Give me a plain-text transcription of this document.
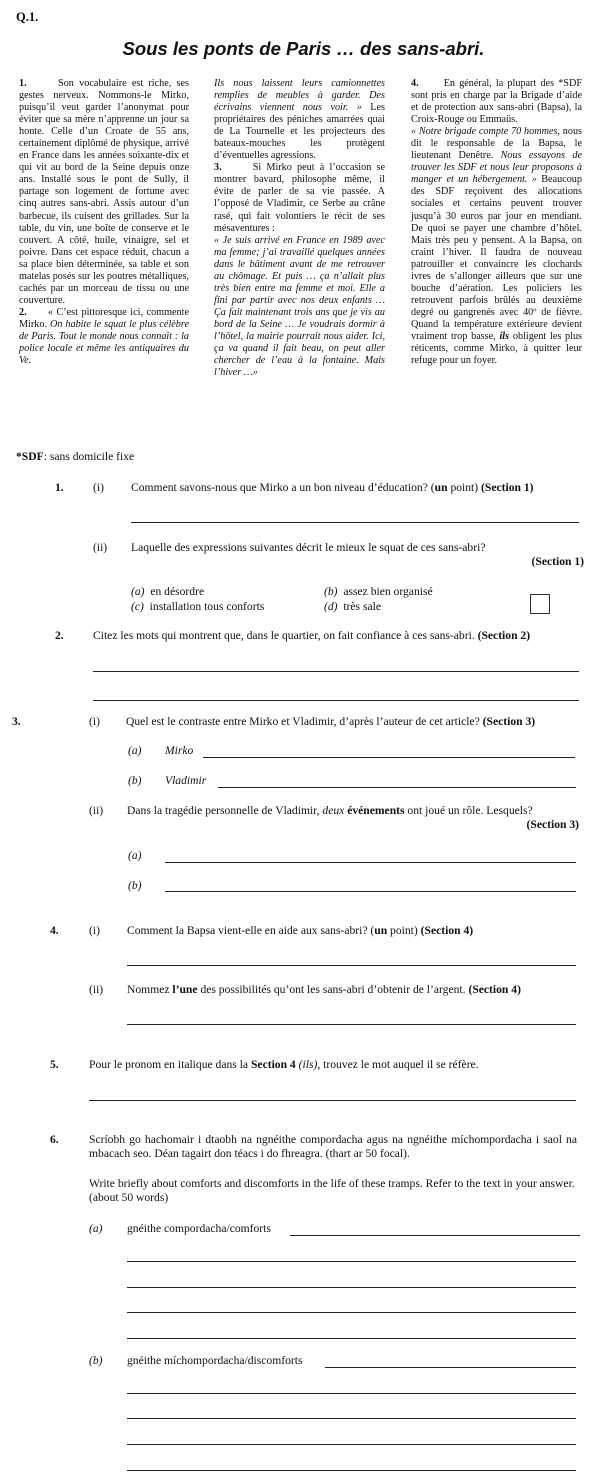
Q.1.
Sous les ponts de Paris … des sans-abri.

1.	Son vocabulaire est riche, ses gestes nerveux. Nommons-le Mirko, puisqu’il veut garder l’anonymat pour éviter que sa mère n’apprenne un jour sa honte. Celle d’un Croate de 55 ans, certainement diplômé de physique, arrivé en France dans les années soixante-dix et qui vit au bord de la Seine depuis onze ans. Installé sous le pont de Sully, il partage son logement de fortune avec cinq autres sans-abri. Assis autour d’un barbecue, ils cuisent des grillades. Sur la table, du vin, une boîte de conserve et le couvert. A côté, huile, vinaigre, sel et poivre. Dans cet espace réduit, chacun a sa place bien déterminée, sa table et son matelas posés sur les poutres métalliques, cachés par un morceau de tissu ou une couverture.

2. « C’est pittoresque ici, commente Mirko. On habite le squat le plus célèbre de Paris. Tout le monde nous connaît : la police locale et même les antiquaires du Ve.

Ils nous laissent leurs camionnettes remplies de meubles à garder. Des écrivains viennent nous voir. » Les propriétaires des péniches amarrées quai de La Tournelle et les projecteurs des bateaux-mouches les protègent d’éventuelles agressions.

3.	Si Mirko peut à l’occasion se montrer bavard, philosophe même, il évite de parler de sa vie passée. A l’opposé de Vladimir, ce Serbe au crâne rasé, qui fait volontiers le récit de ses mésaventures :

« Je suis arrivé en France en 1989 avec ma femme; j’ai travaillé quelques années dans le bâtiment avant de me retrouver au chômage. Et puis … ça n’allait plus très bien entre ma femme et moi. Elle a fini par partir avec nos deux enfants … Ça fait maintenant trois ans que je vis au bord de la Seine … Je voudrais dormir à l’hôtel, la mairie pourrait nous aider. Ici, ça va quand il fait beau, on peut aller chercher de l’eau à la fontaine. Mais l’hiver …»

4. En général, la plupart des *SDF sont pris en charge par la Brigade d’aide et de protection aux sans-abri (Bapsa), la Croix-Rouge ou Emmaüs.

« Notre brigade compte 70 hommes, nous dit le responsable de la Bapsa, le lieutenant Denêtre. Nous essayons de trouver les SDF et nous leur proposons à manger et un hébergement. » Beaucoup des SDF reçoivent des allocations sociales et certains peuvent trouver jusqu’à 30 euros par jour en mendiant. De quoi se payer une chambre d’hôtel. Mais très peu y pensent. A la Bapsa, on craint l’hiver. Il faudra de nouveau patrouiller et convaincre les clochards ivres de s’allonger ailleurs que sur une bouche d’aération. Les policiers les retrouvent parfois brûlés au deuxième degré ou gangrenés avec 40º de fièvre. Quand la température extérieure devient vraiment trop basse, ils obligent les plus réticents, comme Mirko, à quitter leur refuge pour un foyer.

*SDF: sans domicile fixe
1.	(i) Comment savons-nous que Mirko a un bon niveau d’éducation? (un point) (Section 1)
(ii) Laquelle des expressions suivantes décrit le mieux le squat de ces sans-abri?
(Section 1)
(a) en désordre	(b) assez bien organisé
(c) installation tous conforts	(d) très sale
2.	Citez les mots qui montrent que, dans le quartier, on fait confiance à ces sans-abri. (Section 2)
3.	(i) Quel est le contraste entre Mirko et Vladimir, d’après l’auteur de cet article? (Section 3)
(a) Mirko
(b) Vladimir
(ii) Dans la tragédie personnelle de Vladimir, deux événements ont joué un rôle. Lesquels?
(Section 3)
(a)
(b)
4.	(i) Comment la Bapsa vient-elle en aide aux sans-abri? (un point) (Section 4)
(ii) Nommez l’une des possibilités qu’ont les sans-abri d’obtenir de l’argent. (Section 4)
5.	Pour le pronom en italique dans la Section 4 (ils), trouvez le mot auquel il se réfère.
6.	Scríobh go hachomair i dtaobh na ngnéithe compordacha agus na ngnéithe míchompordacha i saol na mbacach seo. Déan tagairt don téacs i do fhreagra. (thart ar 50 focal).
Write briefly about comforts and discomforts in the life of these tramps. Refer to the text in your answer. (about 50 words)
(a) gnéithe compordacha/comforts
(b) gnéithe míchompordacha/discomforts
